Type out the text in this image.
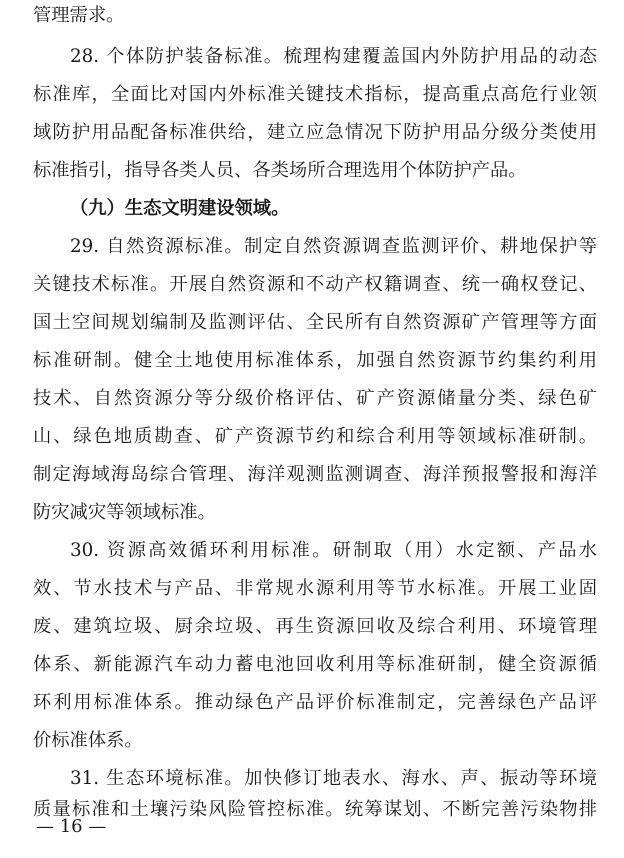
管理需求。
28. 个体防护装备标准。梳理构建覆盖国内外防护用品的动态
标准库，全面比对国内外标准关键技术指标，提高重点高危行业领
域防护用品配备标准供给，建立应急情况下防护用品分级分类使用
标准指引，指导各类人员、各类场所合理选用个体防护产品。
（九）生态文明建设领域。
29. 自然资源标准。制定自然资源调查监测评价、耕地保护等
关键技术标准。开展自然资源和不动产权籍调查、统一确权登记、
国土空间规划编制及监测评估、全民所有自然资源矿产管理等方面
标准研制。健全土地使用标准体系，加强自然资源节约集约利用
技术、自然资源分等分级价格评估、矿产资源储量分类、绿色矿
山、绿色地质勘查、矿产资源节约和综合利用等领域标准研制。
制定海域海岛综合管理、海洋观测监测调查、海洋预报警报和海洋
防灾减灾等领域标准。
30. 资源高效循环利用标准。研制取（用）水定额、产品水
效、节水技术与产品、非常规水源利用等节水标准。开展工业固
废、建筑垃圾、厨余垃圾、再生资源回收及综合利用、环境管理
体系、新能源汽车动力蓄电池回收利用等标准研制，健全资源循
环利用标准体系。推动绿色产品评价标准制定，完善绿色产品评
价标准体系。
31. 生态环境标准。加快修订地表水、海水、声、振动等环境
质量标准和土壤污染风险管控标准。统筹谋划、不断完善污染物排
— 16 —
